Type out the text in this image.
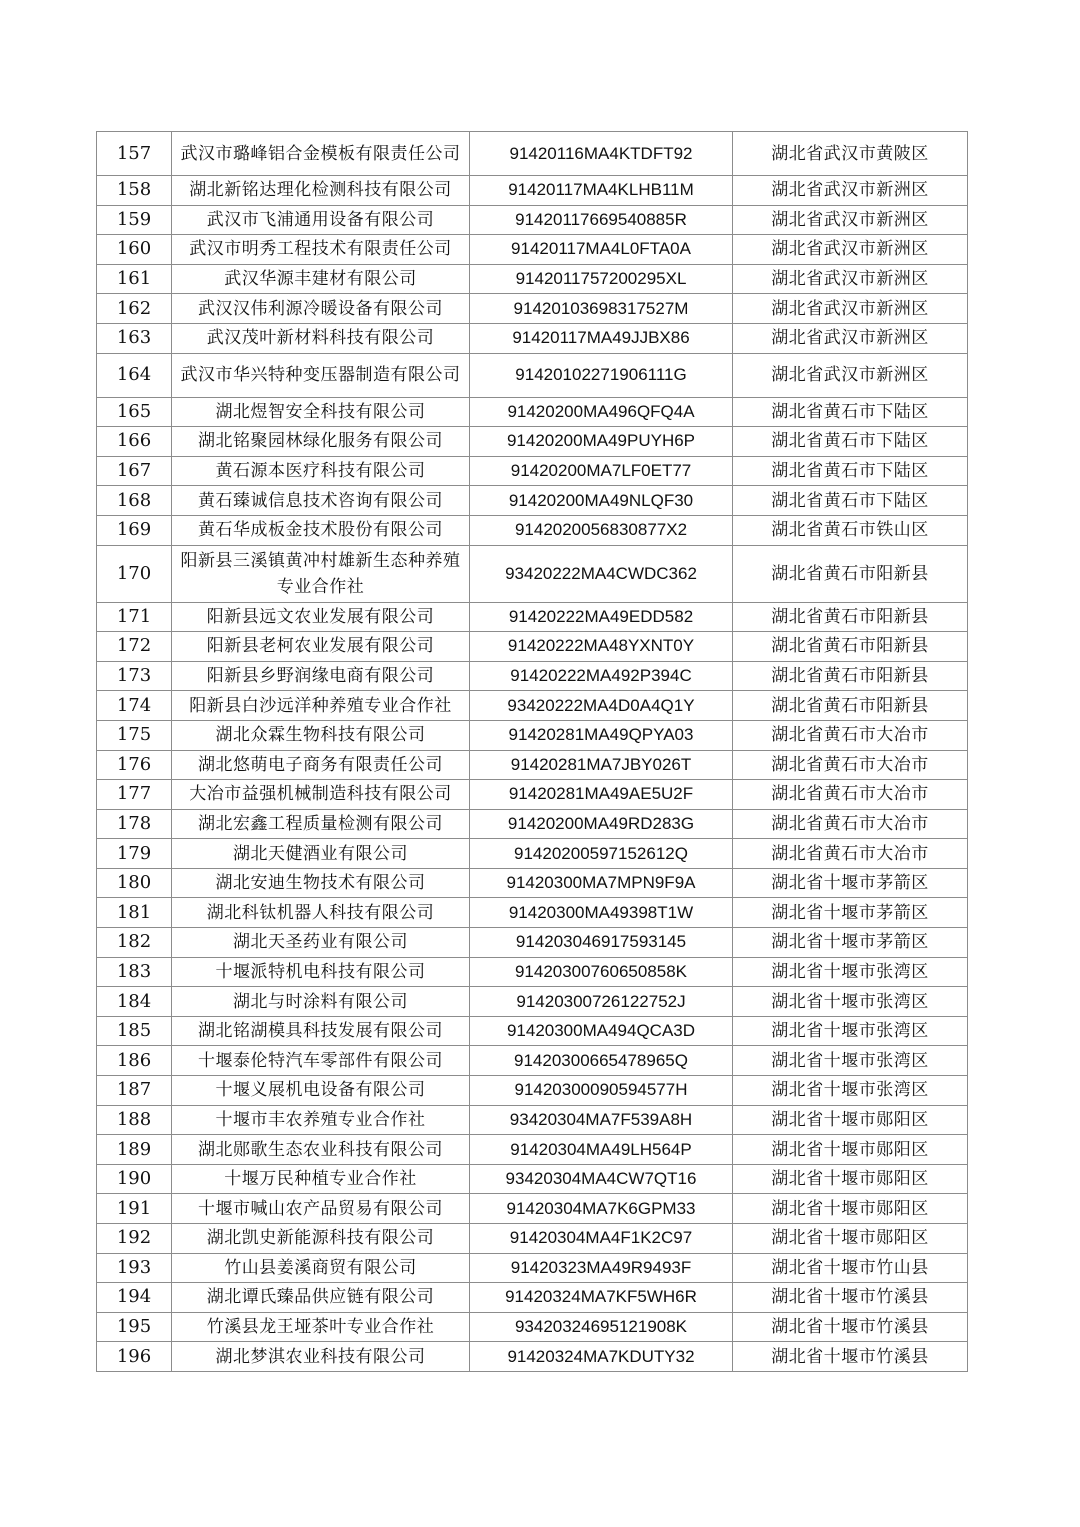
157	武汉市璐峰铝合金模板有限责任公司	91420116MA4KTDFT92	湖北省武汉市黄陂区
158	湖北新铭达理化检测科技有限公司	91420117MA4KLHB11M	湖北省武汉市新洲区
159	武汉市飞浦通用设备有限公司	91420117669540885R	湖北省武汉市新洲区
160	武汉市明秀工程技术有限责任公司	91420117MA4L0FTA0A	湖北省武汉市新洲区
161	武汉华源丰建材有限公司	9142011757200295XL	湖北省武汉市新洲区
162	武汉汉伟利源冷暖设备有限公司	91420103698317527M	湖北省武汉市新洲区
163	武汉茂叶新材料科技有限公司	91420117MA49JJBX86	湖北省武汉市新洲区
164	武汉市华兴特种变压器制造有限公司	91420102271906111G	湖北省武汉市新洲区
165	湖北煜智安全科技有限公司	91420200MA496QFQ4A	湖北省黄石市下陆区
166	湖北铭聚园林绿化服务有限公司	91420200MA49PUYH6P	湖北省黄石市下陆区
167	黄石源本医疗科技有限公司	91420200MA7LF0ET77	湖北省黄石市下陆区
168	黄石臻诚信息技术咨询有限公司	91420200MA49NLQF30	湖北省黄石市下陆区
169	黄石华成板金技术股份有限公司	9142020056830877X2	湖北省黄石市铁山区
170	阳新县三溪镇黄冲村雄新生态种养殖专业合作社	93420222MA4CWDC362	湖北省黄石市阳新县
171	阳新县远文农业发展有限公司	91420222MA49EDD582	湖北省黄石市阳新县
172	阳新县老柯农业发展有限公司	91420222MA48YXNT0Y	湖北省黄石市阳新县
173	阳新县乡野润缘电商有限公司	91420222MA492P394C	湖北省黄石市阳新县
174	阳新县白沙远洋种养殖专业合作社	93420222MA4D0A4Q1Y	湖北省黄石市阳新县
175	湖北众霖生物科技有限公司	91420281MA49QPYA03	湖北省黄石市大冶市
176	湖北悠萌电子商务有限责任公司	91420281MA7JBY026T	湖北省黄石市大冶市
177	大冶市益强机械制造科技有限公司	91420281MA49AE5U2F	湖北省黄石市大冶市
178	湖北宏鑫工程质量检测有限公司	91420200MA49RD283G	湖北省黄石市大冶市
179	湖北天健酒业有限公司	91420200597152612Q	湖北省黄石市大冶市
180	湖北安迪生物技术有限公司	91420300MA7MPN9F9A	湖北省十堰市茅箭区
181	湖北科钛机器人科技有限公司	91420300MA49398T1W	湖北省十堰市茅箭区
182	湖北天圣药业有限公司	914203046917593145	湖北省十堰市茅箭区
183	十堰派特机电科技有限公司	91420300760650858K	湖北省十堰市张湾区
184	湖北与时涂料有限公司	91420300726122752J	湖北省十堰市张湾区
185	湖北铭湖模具科技发展有限公司	91420300MA494QCA3D	湖北省十堰市张湾区
186	十堰泰伦特汽车零部件有限公司	91420300665478965Q	湖北省十堰市张湾区
187	十堰义展机电设备有限公司	91420300090594577H	湖北省十堰市张湾区
188	十堰市丰农养殖专业合作社	93420304MA7F539A8H	湖北省十堰市郧阳区
189	湖北郧歌生态农业科技有限公司	91420304MA49LH564P	湖北省十堰市郧阳区
190	十堰万民种植专业合作社	93420304MA4CW7QT16	湖北省十堰市郧阳区
191	十堰市喊山农产品贸易有限公司	91420304MA7K6GPM33	湖北省十堰市郧阳区
192	湖北凯史新能源科技有限公司	91420304MA4F1K2C97	湖北省十堰市郧阳区
193	竹山县姜溪商贸有限公司	91420323MA49R9493F	湖北省十堰市竹山县
194	湖北谭氏臻品供应链有限公司	91420324MA7KF5WH6R	湖北省十堰市竹溪县
195	竹溪县龙王垭茶叶专业合作社	93420324695121908K	湖北省十堰市竹溪县
196	湖北梦淇农业科技有限公司	91420324MA7KDUTY32	湖北省十堰市竹溪县
